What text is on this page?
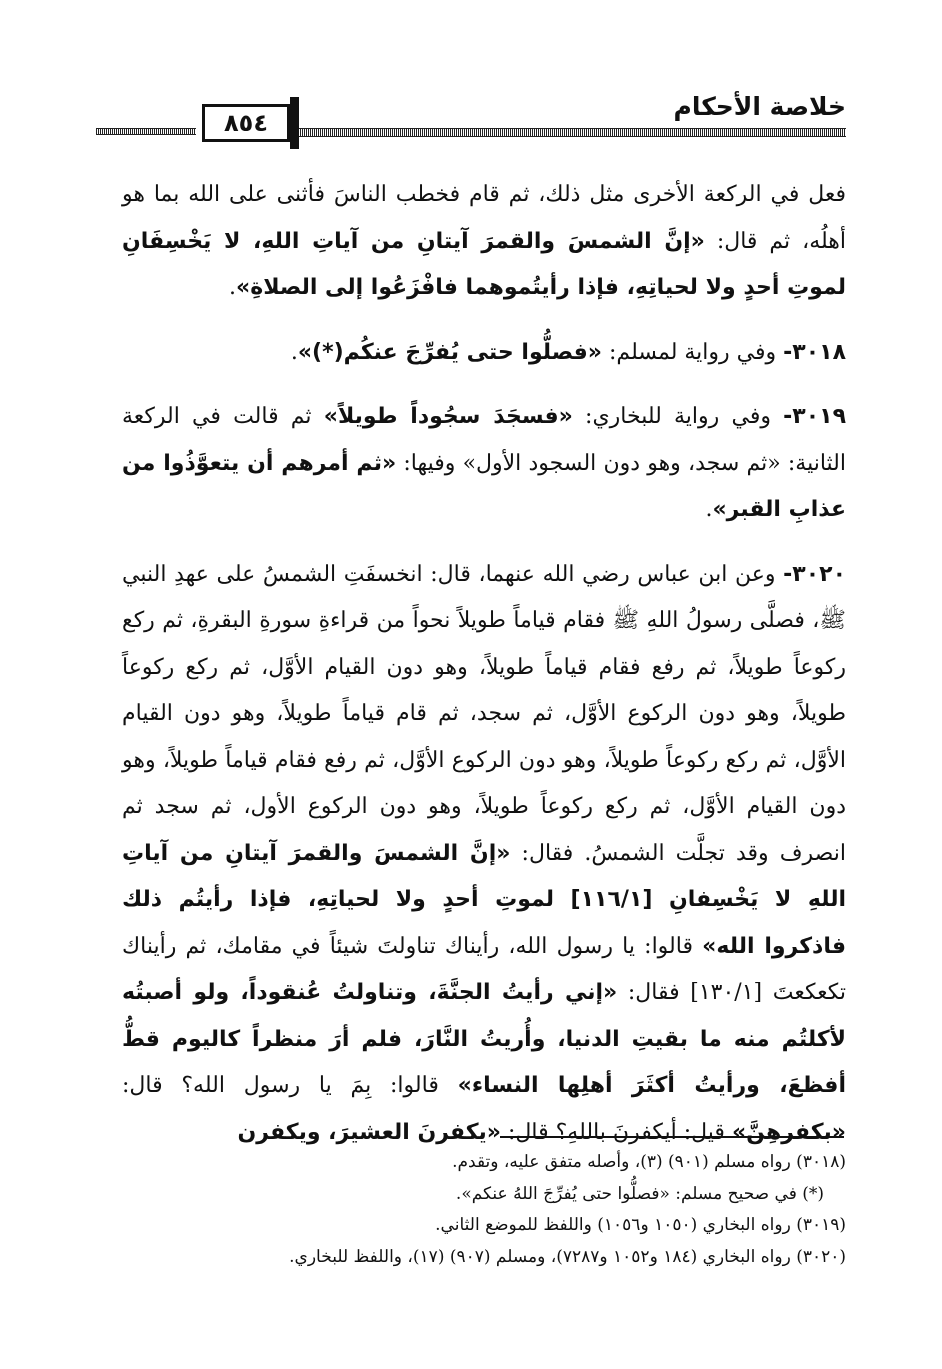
خلاصة الأحكام
٨٥٤

فعل في الركعة الأخرى مثل ذلك، ثم قام فخطب الناسَ فأثنى على الله بما هو أهلُه، ثم قال: «إنَّ الشمسَ والقمرَ آيتانِ من آياتِ اللهِ، لا يَخْسِفَانِ لموتِ أحدٍ ولا لحياتِهِ، فإذا رأيتُموهما فافْزَعُوا إلى الصلاةِ».

٣٠١٨- وفي رواية لمسلم: «فصلُّوا حتى يُفرِّجَ عنكُم(*)».

٣٠١٩- وفي رواية للبخاري: «فسجَدَ سجُوداً طويلاً» ثم قالت في الركعة الثانية: «ثم سجد، وهو دون السجود الأول» وفيها: «ثم أمرهم أن يتعوَّذُوا من عذابِ القبر».

٣٠٢٠- وعن ابن عباس رضي الله عنهما، قال: انخسفَتِ الشمسُ على عهدِ النبي ﷺ، فصلَّى رسولُ اللهِ ﷺ فقام قياماً طويلاً نحواً من قراءةِ سورةِ البقرةِ، ثم ركع ركوعاً طويلاً، ثم رفع فقام قياماً طويلاً، وهو دون القيام الأوَّل، ثم ركع ركوعاً طويلاً، وهو دون الركوع الأوَّل، ثم سجد، ثم قام قياماً طويلاً، وهو دون القيام الأوَّل، ثم ركع ركوعاً طويلاً، وهو دون الركوع الأوَّل، ثم رفع فقام قياماً طويلاً، وهو دون القيام الأوَّل، ثم ركع ركوعاً طويلاً، وهو دون الركوع الأول، ثم سجد ثم انصرف وقد تجلَّت الشمسُ. فقال: «إنَّ الشمسَ والقمرَ آيتانِ من آياتِ اللهِ لا يَخْسِفانِ [١١٦/١] لموتِ أحدٍ ولا لحياتِهِ، فإذا رأيتُم ذلك فاذكروا الله» قالوا: يا رسول الله، رأيناك تناولتَ شيئاً في مقامك، ثم رأيناك تكعكعتَ [١٣٠/١] فقال: «إني رأيتُ الجنَّةَ، وتناولتُ عُنقوداً، ولو أصبتُه لأكلتُم منه ما بقيتِ الدنيا، وأُريتُ النَّارَ، فلم أرَ منظراً كاليوم قطُّ أفظعَ، ورأيتُ أكثَرَ أهلِها النساء» قالوا: بِمَ يا رسول الله؟ قال: «بكفرهِنَّ» قيل: أيكفرنَ باللهِ؟ قال: «يكفرنَ العشيرَ، ويكفرن

(٣٠١٨) رواه مسلم (٩٠١) (٣)، وأصله متفق عليه، وتقدم.

(*) في صحيح مسلم: «فصلُّوا حتى يُفرِّجَ اللهُ عنكم».

(٣٠١٩) رواه البخاري (١٠٥٠ و١٠٥٦) واللفظ للموضع الثاني.

(٣٠٢٠) رواه البخاري (١٨٤ و١٠٥٢ و٧٢٨٧)، ومسلم (٩٠٧) (١٧)، واللفظ للبخاري.
